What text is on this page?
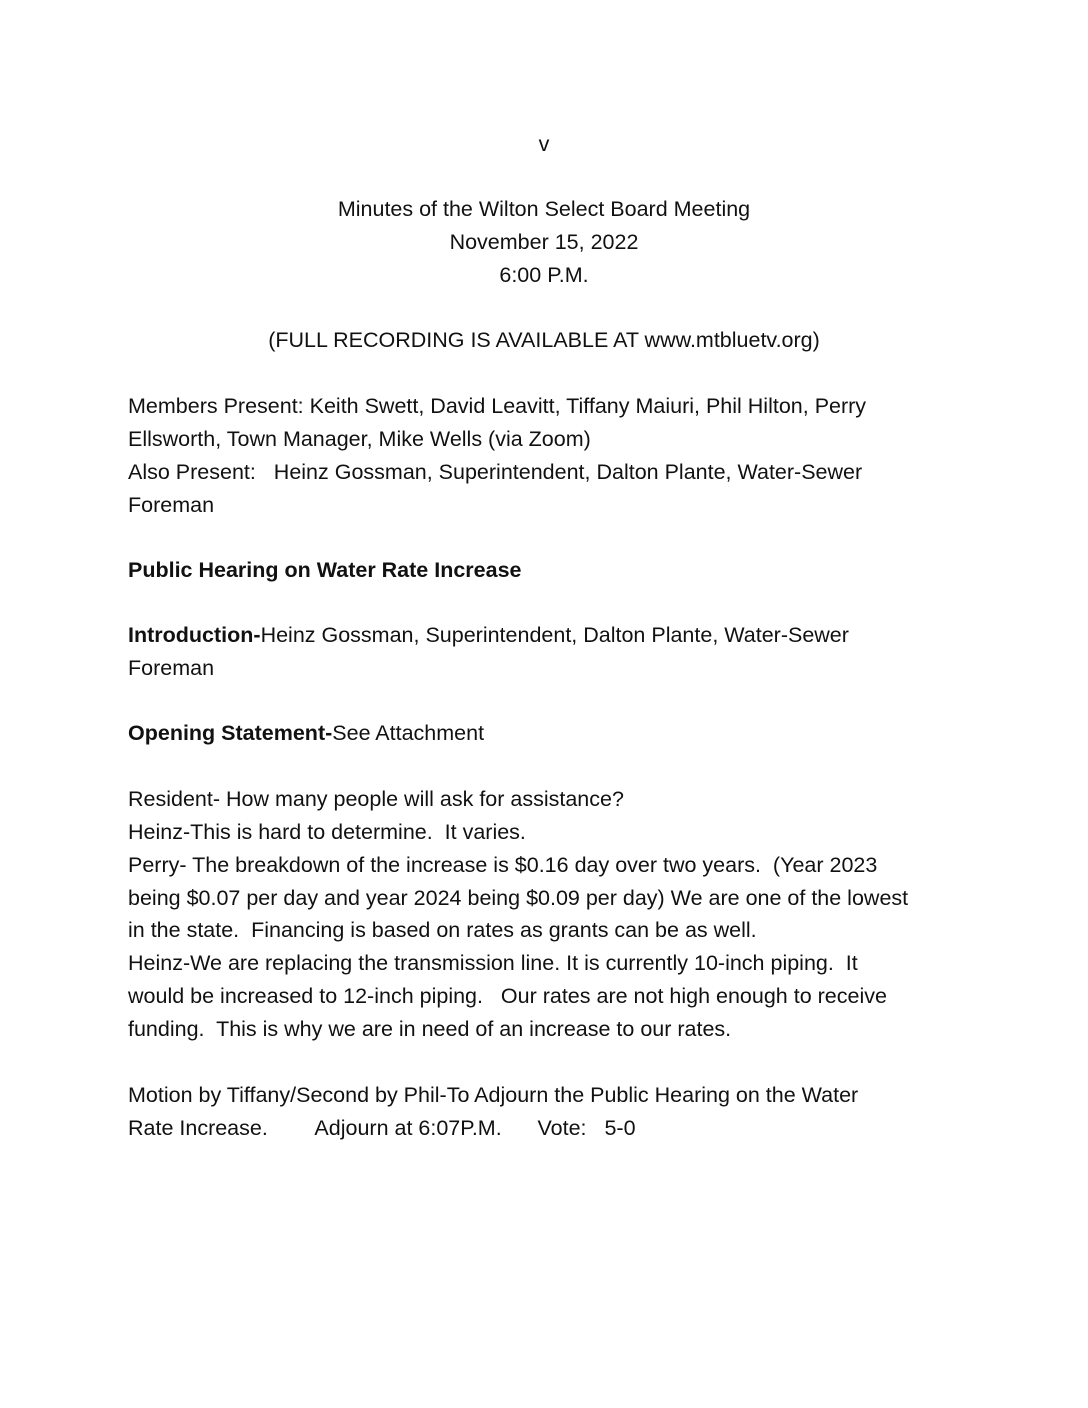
v

Minutes of the Wilton Select Board Meeting

November 15, 2022

6:00 P.M.

(FULL RECORDING IS AVAILABLE AT www.mtbluetv.org)

Members Present: Keith Swett, David Leavitt, Tiffany Maiuri, Phil Hilton, Perry

Ellsworth, Town Manager, Mike Wells (via Zoom)

Also Present:   Heinz Gossman, Superintendent, Dalton Plante, Water-Sewer

Foreman

Public Hearing on Water Rate Increase

Introduction-Heinz Gossman, Superintendent, Dalton Plante, Water-Sewer

Foreman

Opening Statement-See Attachment

Resident- How many people will ask for assistance?

Heinz-This is hard to determine.  It varies.

Perry- The breakdown of the increase is $0.16 day over two years.  (Year 2023

being $0.07 per day and year 2024 being $0.09 per day) We are one of the lowest

in the state.  Financing is based on rates as grants can be as well.

Heinz-We are replacing the transmission line. It is currently 10-inch piping.  It

would be increased to 12-inch piping.   Our rates are not high enough to receive

funding.  This is why we are in need of an increase to our rates.

Motion by Tiffany/Second by Phil-To Adjourn the Public Hearing on the Water

Rate Increase.        Adjourn at 6:07P.M.      Vote:   5-0
